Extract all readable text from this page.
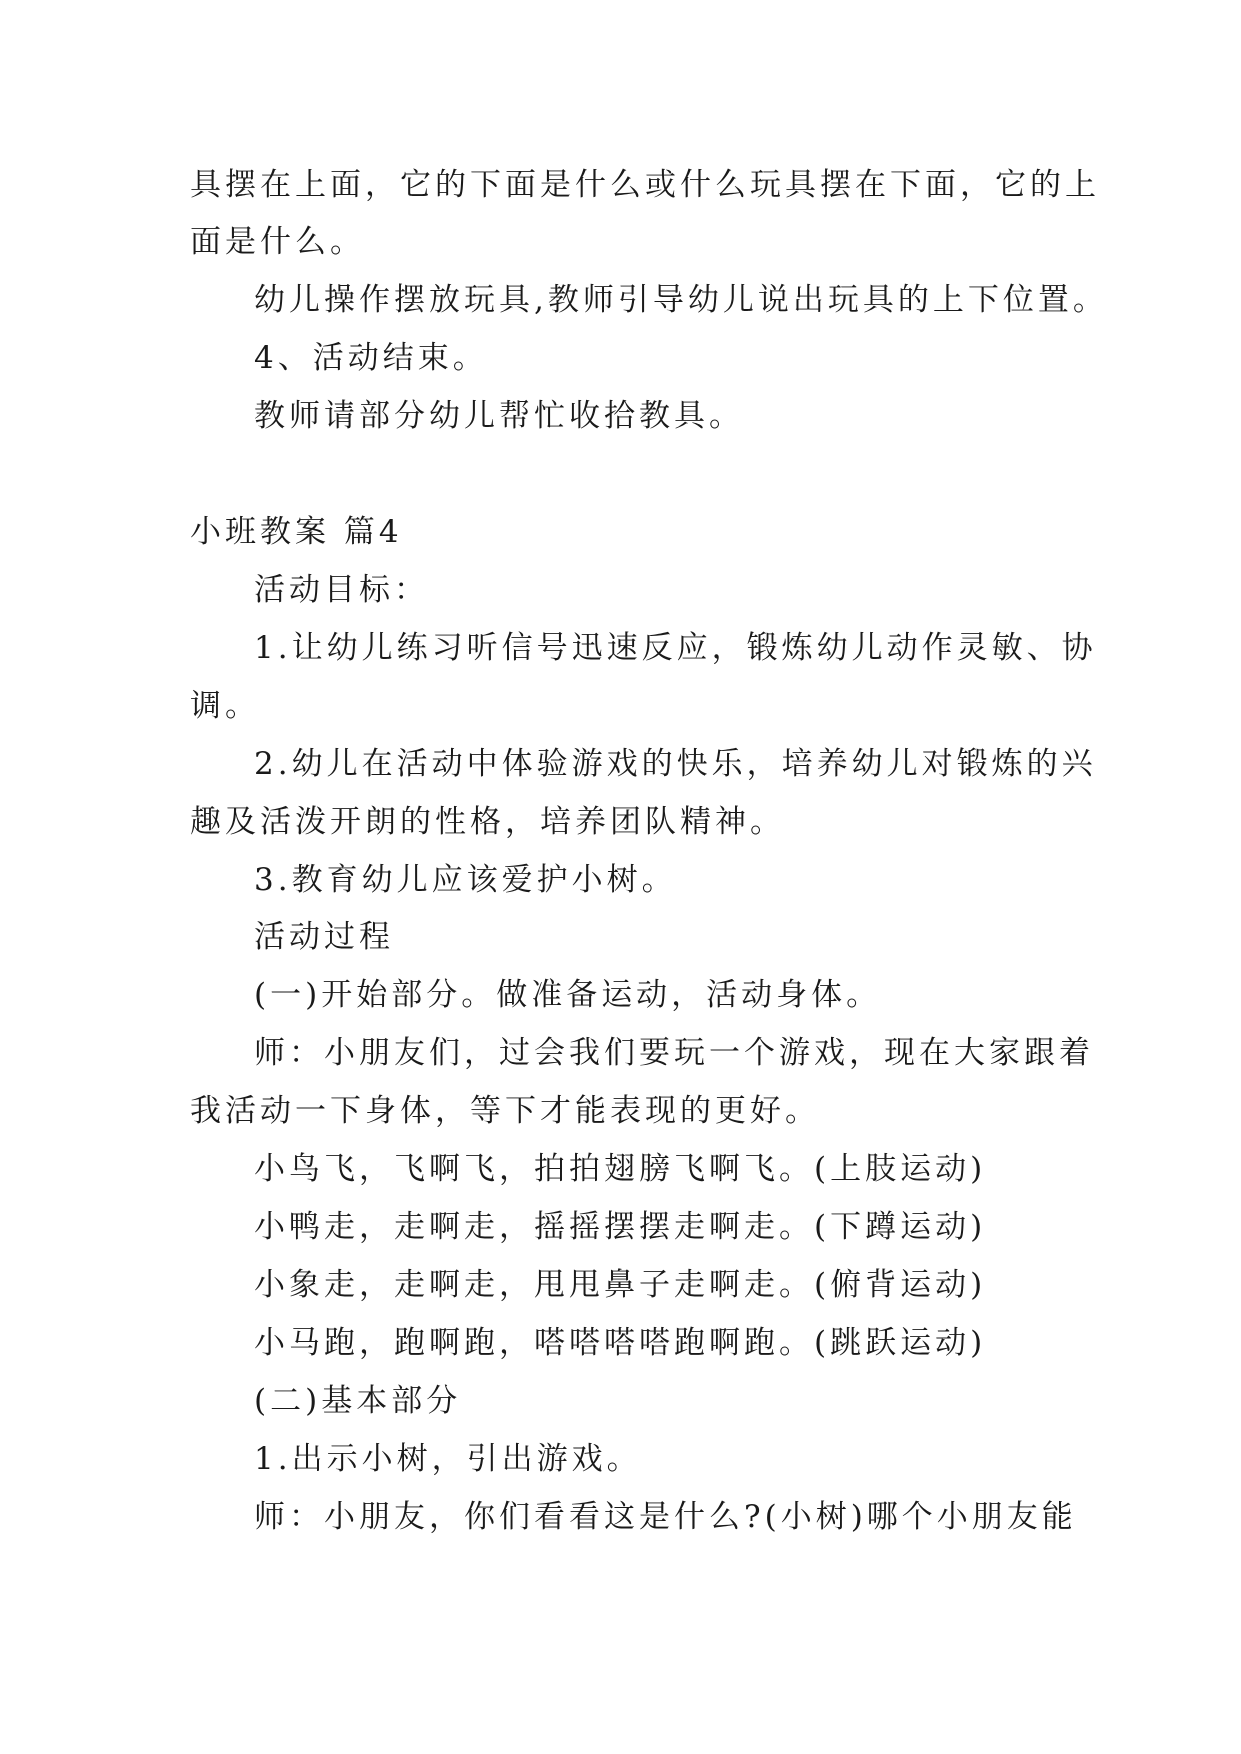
具摆在上面，它的下面是什么或什么玩具摆在下面，它的上
面是什么。
幼儿操作摆放玩具,教师引导幼儿说出玩具的上下位置。
4、活动结束。
教师请部分幼儿帮忙收拾教具。
小班教案 篇4
活动目标：
1.让幼儿练习听信号迅速反应，锻炼幼儿动作灵敏、协
调。
2.幼儿在活动中体验游戏的快乐，培养幼儿对锻炼的兴
趣及活泼开朗的性格，培养团队精神。
3.教育幼儿应该爱护小树。
活动过程
(一)开始部分。做准备运动，活动身体。
师：小朋友们，过会我们要玩一个游戏，现在大家跟着
我活动一下身体，等下才能表现的更好。
小鸟飞，飞啊飞，拍拍翅膀飞啊飞。(上肢运动)
小鸭走，走啊走，摇摇摆摆走啊走。(下蹲运动)
小象走，走啊走，甩甩鼻子走啊走。(俯背运动)
小马跑，跑啊跑，嗒嗒嗒嗒跑啊跑。(跳跃运动)
(二)基本部分
1.出示小树，引出游戏。
师：小朋友，你们看看这是什么?(小树)哪个小朋友能
